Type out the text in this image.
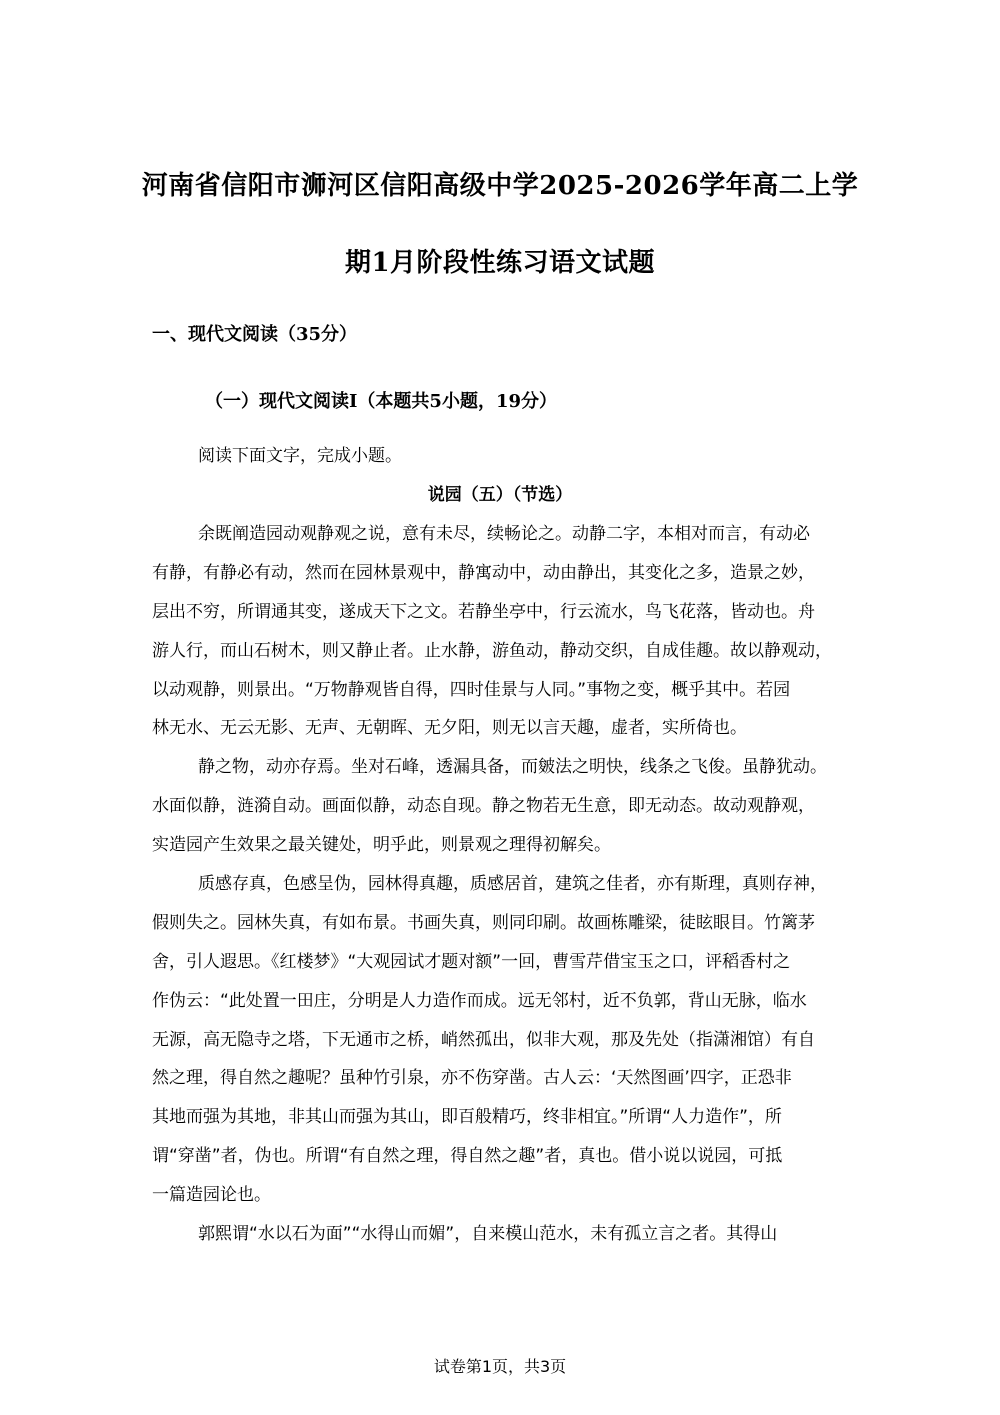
河南省信阳市浉河区信阳高级中学2025-2026学年高二上学
期1月阶段性练习语文试题
一、现代文阅读（35分）
（一）现代文阅读I（本题共5小题，19分）
阅读下面文字，完成小题。
说园（五）（节选）
余既阐造园动观静观之说，意有未尽，续畅论之。动静二字，本相对而言，有动必
有静，有静必有动，然而在园林景观中，静寓动中，动由静出，其变化之多，造景之妙，
层出不穷，所谓通其变，遂成天下之文。若静坐亭中，行云流水，鸟飞花落，皆动也。舟
游人行，而山石树木，则又静止者。止水静，游鱼动，静动交织，自成佳趣。故以静观动，
以动观静，则景出。“万物静观皆自得，四时佳景与人同。”事物之变，概乎其中。若园
林无水、无云无影、无声、无朝晖、无夕阳，则无以言天趣，虚者，实所倚也。
静之物，动亦存焉。坐对石峰，透漏具备，而皴法之明快，线条之飞俊。虽静犹动。
水面似静，涟漪自动。画面似静，动态自现。静之物若无生意，即无动态。故动观静观，
实造园产生效果之最关键处，明乎此，则景观之理得初解矣。
质感存真，色感呈伪，园林得真趣，质感居首，建筑之佳者，亦有斯理，真则存神，
假则失之。园林失真，有如布景。书画失真，则同印刷。故画栋雕梁，徒眩眼目。竹篱茅
舍，引人遐思。《红楼梦》“大观园试才题对额”一回，曹雪芹借宝玉之口，评稻香村之
作伪云：“此处置一田庄，分明是人力造作而成。远无邻村，近不负郭，背山无脉，临水
无源，高无隐寺之塔，下无通市之桥，峭然孤出，似非大观，那及先处（指潇湘馆）有自
然之理，得自然之趣呢？虽种竹引泉，亦不伤穿凿。古人云：‘天然图画’四字，正恐非
其地而强为其地，非其山而强为其山，即百般精巧，终非相宜。”所谓“人力造作”，所
谓“穿凿”者，伪也。所谓“有自然之理，得自然之趣”者，真也。借小说以说园，可抵
一篇造园论也。
郭熙谓“水以石为面”“水得山而媚”，自来模山范水，未有孤立言之者。其得山
试卷第1页，共3页
